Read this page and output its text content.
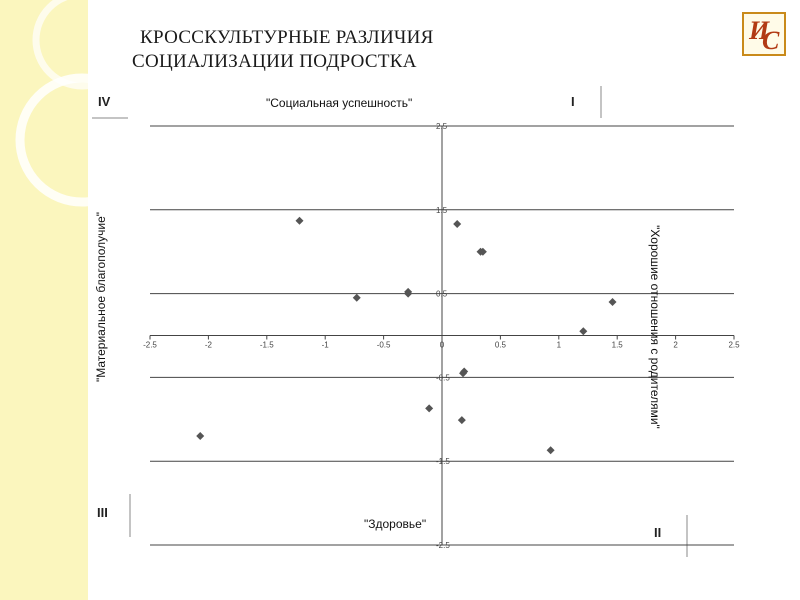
КРОССКУЛЬТУРНЫЕ РАЗЛИЧИЯ
СОЦИАЛИЗАЦИИ ПОДРОСТКА
И
С
-2.5	-2	-1.5	-1	-0.5	0	0.5	1	1.5	2	2.5
2.5
1.5
0.5
-0.5
-1.5
-2.5
IV	I
III
II
"Социальная успешность"
"Здоровье"
"Материальное благополучие"	"Хорошие отношения с родителями"
